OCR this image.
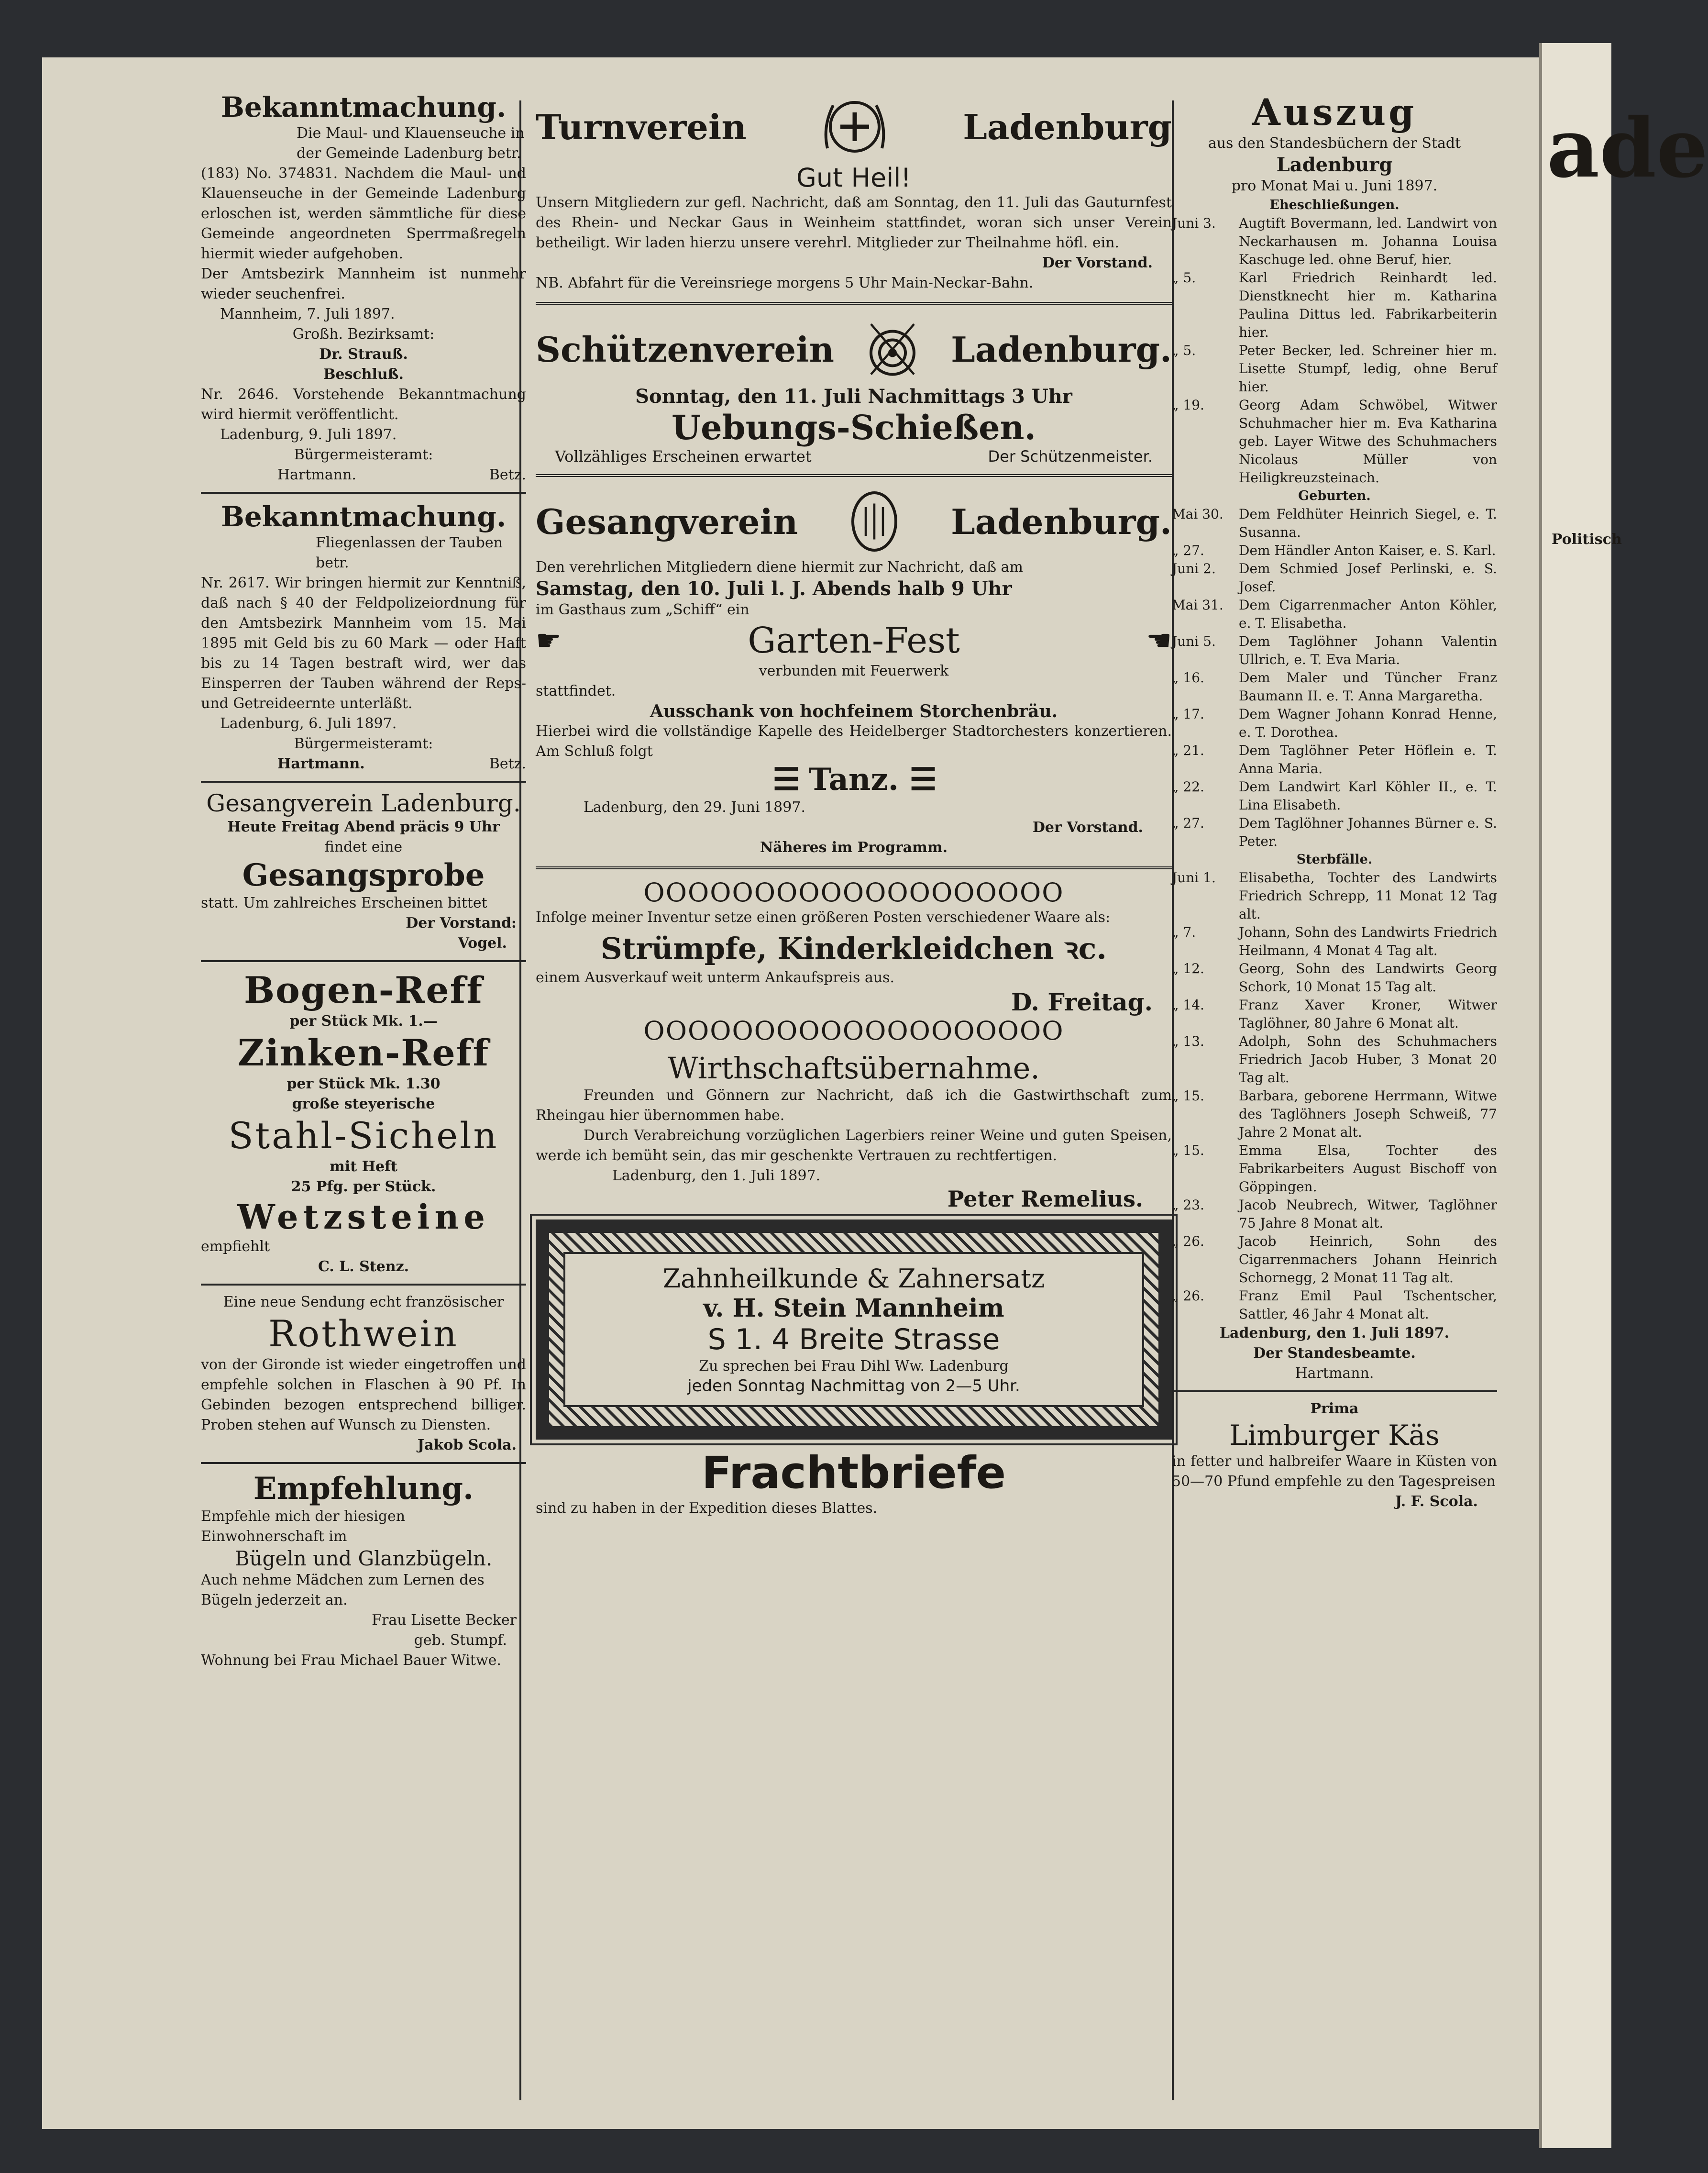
ade
Politisch
Bekanntmachung.
Die Maul- und Klauenseuche in der Gemeinde Ladenburg betr.
(183) No. 374831. Nachdem die Maul- und Klauenseuche in der Gemeinde Ladenburg erloschen ist, werden sämmtliche für diese Gemeinde angeordneten Sperrmaßregeln hiermit wieder aufgehoben.
Der Amtsbezirk Mannheim ist nunmehr wieder seuchenfrei.
Mannheim, 7. Juli 1897.
Großh. Bezirksamt:
Dr. Strauß.
Beschluß.
Nr. 2646. Vorstehende Bekanntmachung wird hiermit veröffentlicht.
Ladenburg, 9. Juli 1897.
Bürgermeisteramt:
Hartmann.	Betz.
Bekanntmachung.
Fliegenlassen der Tauben betr.
Nr. 2617. Wir bringen hiermit zur Kenntniß, daß nach § 40 der Feldpolizeiordnung für den Amtsbezirk Mannheim vom 15. Mai 1895 mit Geld bis zu 60 Mark — oder Haft bis zu 14 Tagen bestraft wird, wer das Einsperren der Tauben während der Reps- und Getreideernte unterläßt.
Ladenburg, 6. Juli 1897.
Bürgermeisteramt:
Hartmann.	Betz.
Gesangverein Ladenburg.
Heute Freitag Abend präcis 9 Uhr
findet eine
Gesangsprobe
statt. Um zahlreiches Erscheinen bittet
Der Vorstand:
Vogel.
Bogen-Reff
per Stück Mk. 1.—
Zinken-Reff
per Stück Mk. 1.30
große steyerische
Stahl-Sicheln
mit Heft
25 Pfg. per Stück.
Wetzsteine
empfiehlt
C. L. Stenz.
Eine neue Sendung echt französischer
Rothwein
von der Gironde ist wieder eingetroffen und empfehle solchen in Flaschen à 90 Pf. In Gebinden bezogen entsprechend billiger. Proben stehen auf Wunsch zu Diensten.
Jakob Scola.
Empfehlung.
Empfehle mich der hiesigen Einwohnerschaft im
Bügeln und Glanzbügeln.
Auch nehme Mädchen zum Lernen des Bügeln jederzeit an.
Frau Lisette Becker
geb. Stumpf.
Wohnung bei Frau Michael Bauer Witwe.
Turnverein	Ladenburg
Gut Heil!
Unsern Mitgliedern zur gefl. Nachricht, daß am Sonntag, den 11. Juli das Gauturnfest des Rhein- und Neckar Gaus in Weinheim stattfindet, woran sich unser Verein betheiligt. Wir laden hierzu unsere verehrl. Mitglieder zur Theilnahme höfl. ein.
Der Vorstand.
NB. Abfahrt für die Vereinsriege morgens 5 Uhr Main-Neckar-Bahn.
Schützenverein	Ladenburg.
Sonntag, den 11. Juli Nachmittags 3 Uhr
Uebungs-Schießen.
Vollzähliges Erscheinen erwartet	Der Schützenmeister.
Gesangverein	Ladenburg.
Den verehrlichen Mitgliedern diene hiermit zur Nachricht, daß am
Samstag, den 10. Juli l. J. Abends halb 9 Uhr
im Gasthaus zum „Schiff“ ein
☛	Garten-Fest	☚
verbunden mit Feuerwerk
stattfindet.
Ausschank von hochfeinem Storchenbräu.
Hierbei wird die vollständige Kapelle des Heidelberger Stadtorchesters konzertieren. Am Schluß folgt
☰ Tanz. ☰
Ladenburg, den 29. Juni 1897.
Der Vorstand.
Näheres im Programm.
OOOOOOOOOOOOOOOOOOO
Infolge meiner Inventur setze einen größeren Posten verschiedener Waare als:
Strümpfe, Kinderkleidchen ꝛc.
einem Ausverkauf weit unterm Ankaufspreis aus.
D. Freitag.
OOOOOOOOOOOOOOOOOOO
Wirthschaftsübernahme.
Freunden und Gönnern zur Nachricht, daß ich die Gastwirthschaft zum Rheingau hier übernommen habe.
Durch Verabreichung vorzüglichen Lagerbiers reiner Weine und guten Speisen, werde ich bemüht sein, das mir geschenkte Vertrauen zu rechtfertigen.
Ladenburg, den 1. Juli 1897.
Peter Remelius.
Zahnheilkunde & Zahnersatz
v. H. Stein Mannheim
S 1. 4 Breite Strasse
Zu sprechen bei Frau Dihl Ww. Ladenburg
jeden Sonntag Nachmittag von 2—5 Uhr.
Frachtbriefe
sind zu haben in der Expedition dieses Blattes.
Auszug
aus den Standesbüchern der Stadt
Ladenburg
pro Monat Mai u. Juni 1897.
Eheschließungen.
Juni 3.	Augtift Bovermann, led. Landwirt von Neckarhausen m. Johanna Louisa Kaschuge led. ohne Beruf, hier.
„ 5.	Karl Friedrich Reinhardt led. Dienstknecht hier m. Katharina Paulina Dittus led. Fabrikarbeiterin hier.
„ 5.	Peter Becker, led. Schreiner hier m. Lisette Stumpf, ledig, ohne Beruf hier.
„ 19.	Georg Adam Schwöbel, Witwer Schuhmacher hier m. Eva Katharina geb. Layer Witwe des Schuhmachers Nicolaus Müller von Heiligkreuzsteinach.
Geburten.
Mai 30.	Dem Feldhüter Heinrich Siegel, e. T. Susanna.
„ 27.	Dem Händler Anton Kaiser, e. S. Karl.
Juni 2.	Dem Schmied Josef Perlinski, e. S. Josef.
Mai 31.	Dem Cigarrenmacher Anton Köhler, e. T. Elisabetha.
Juni 5.	Dem Taglöhner Johann Valentin Ullrich, e. T. Eva Maria.
„ 16.	Dem Maler und Tüncher Franz Baumann II. e. T. Anna Margaretha.
„ 17.	Dem Wagner Johann Konrad Henne, e. T. Dorothea.
„ 21.	Dem Taglöhner Peter Höflein e. T. Anna Maria.
„ 22.	Dem Landwirt Karl Köhler II., e. T. Lina Elisabeth.
„ 27.	Dem Taglöhner Johannes Bürner e. S. Peter.
Sterbfälle.
Juni 1.	Elisabetha, Tochter des Landwirts Friedrich Schrepp, 11 Monat 12 Tag alt.
„ 7.	Johann, Sohn des Landwirts Friedrich Heilmann, 4 Monat 4 Tag alt.
„ 12.	Georg, Sohn des Landwirts Georg Schork, 10 Monat 15 Tag alt.
„ 14.	Franz Xaver Kroner, Witwer Taglöhner, 80 Jahre 6 Monat alt.
„ 13.	Adolph, Sohn des Schuhmachers Friedrich Jacob Huber, 3 Monat 20 Tag alt.
„ 15.	Barbara, geborene Herrmann, Witwe des Taglöhners Joseph Schweiß, 77 Jahre 2 Monat alt.
„ 15.	Emma Elsa, Tochter des Fabrikarbeiters August Bischoff von Göppingen.
„ 23.	Jacob Neubrech, Witwer, Taglöhner 75 Jahre 8 Monat alt.
„ 26.	Jacob Heinrich, Sohn des Cigarrenmachers Johann Heinrich Schornegg, 2 Monat 11 Tag alt.
„ 26.	Franz Emil Paul Tschentscher, Sattler, 46 Jahr 4 Monat alt.
Ladenburg, den 1. Juli 1897.
Der Standesbeamte.
Hartmann.
Prima
Limburger Käs
in fetter und halbreifer Waare in Küsten von 50—70 Pfund empfehle zu den Tagespreisen
J. F. Scola.
